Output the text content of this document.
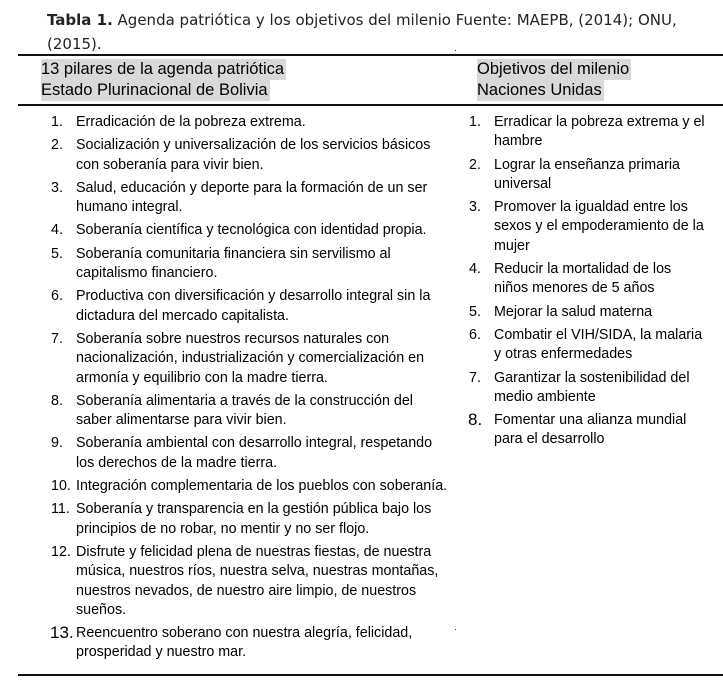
Tabla 1. Agenda patriótica y los objetivos del milenio Fuente: MAEPB, (2014); ONU, (2015).
13 pilares de la agenda patriótica
Estado Plurinacional de Bolivia
Objetivos del milenio
Naciones Unidas
1. Erradicación de la pobreza extrema.
2. Socialización y universalización de los servicios básicos con soberanía para vivir bien.
3. Salud, educación y deporte para la formación de un ser humano integral.
4. Soberanía científica y tecnológica con identidad propia.
5. Soberanía comunitaria financiera sin servilismo al capitalismo financiero.
6. Productiva con diversificación y desarrollo integral sin la dictadura del mercado capitalista.
7. Soberanía sobre nuestros recursos naturales con nacionalización, industrialización y comercialización en armonía y equilibrio con la madre tierra.
8. Soberanía alimentaria a través de la construcción del saber alimentarse para vivir bien.
9. Soberanía ambiental con desarrollo integral, respetando los derechos de la madre tierra.
10. Integración complementaria de los pueblos con soberanía.
11. Soberanía y transparencia en la gestión pública bajo los principios de no robar, no mentir y no ser flojo.
12. Disfrute y felicidad plena de nuestras fiestas, de nuestra música, nuestros ríos, nuestra selva, nuestras montañas, nuestros nevados, de nuestro aire limpio, de nuestros sueños.
13. Reencuentro soberano con nuestra alegría, felicidad, prosperidad y nuestro mar.
1. Erradicar la pobreza extrema y el hambre
2. Lograr la enseñanza primaria universal
3. Promover la igualdad entre los sexos y el empoderamiento de la mujer
4. Reducir la mortalidad de los niños menores de 5 años
5. Mejorar la salud materna
6. Combatir el VIH/SIDA, la malaria y otras enfermedades
7. Garantizar la sostenibilidad del medio ambiente
8. Fomentar una alianza mundial para el desarrollo
